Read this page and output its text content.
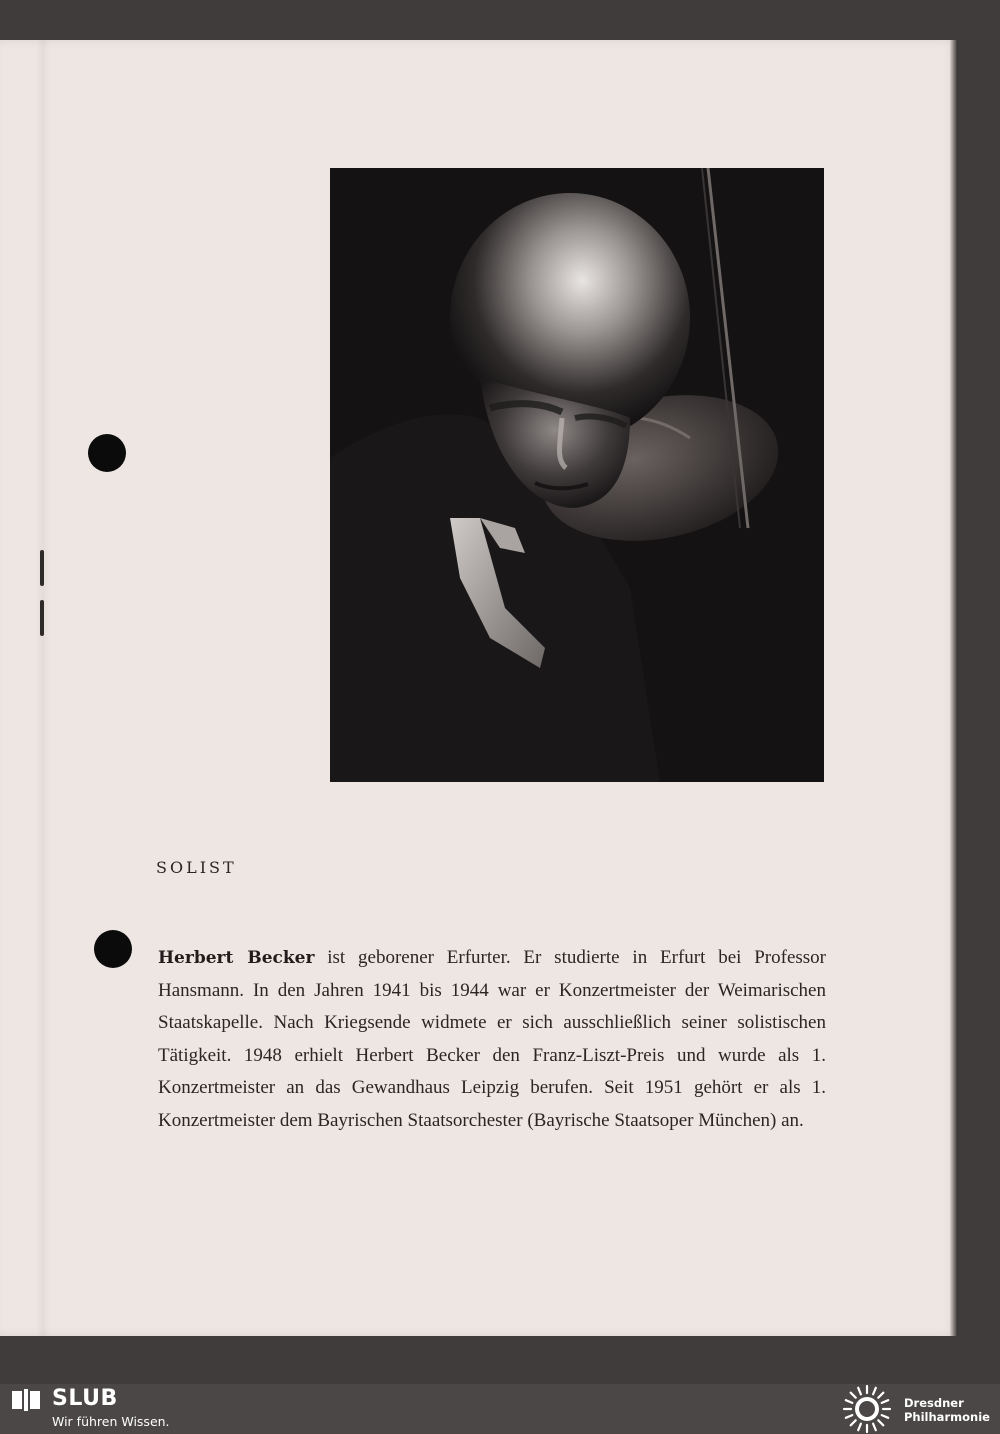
SOLIST
Herbert Becker ist geborener Erfurter. Er studierte in Erfurt bei Professor Hansmann. In den Jahren 1941 bis 1944 war er Konzertmeister der Weimarischen Staatskapelle. Nach Kriegsende widmete er sich ausschließlich seiner solistischen Tätigkeit. 1948 erhielt Herbert Becker den Franz-Liszt-Preis und wurde als 1. Konzertmeister an das Gewandhaus Leipzig berufen. Seit 1951 gehört er als 1. Konzertmeister dem Bayrischen Staatsorchester (Bayrische Staatsoper München) an.
SLUB
Wir führen Wissen.
Dresdner
Philharmonie
